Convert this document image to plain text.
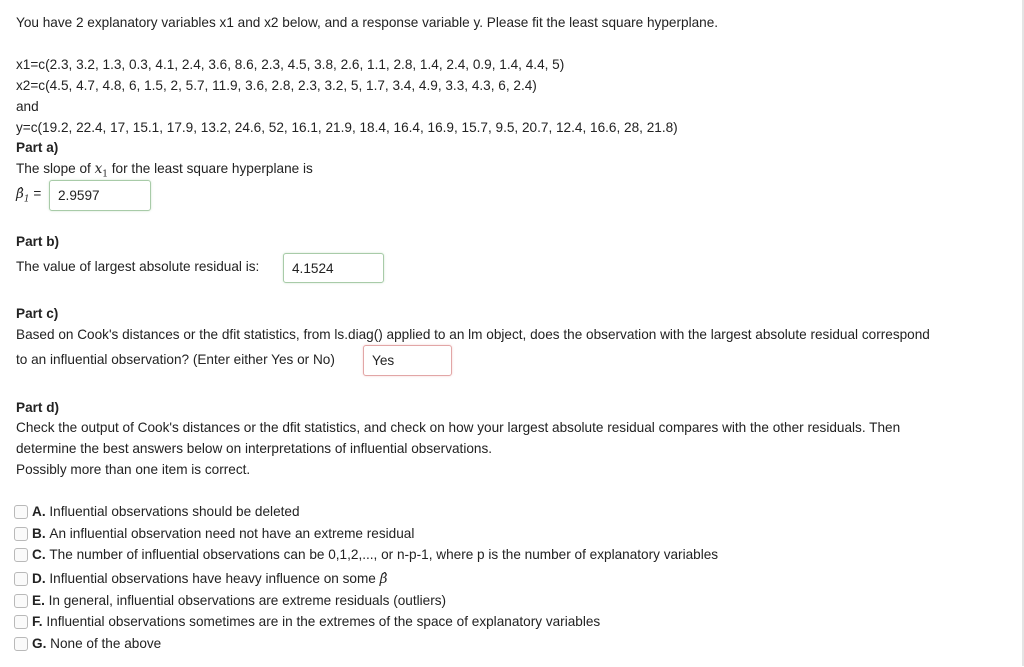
You have 2 explanatory variables x1 and x2 below, and a response variable y. Please fit the least square hyperplane.
x1=c(2.3, 3.2, 1.3, 0.3, 4.1, 2.4, 3.6, 8.6, 2.3, 4.5, 3.8, 2.6, 1.1, 2.8, 1.4, 2.4, 0.9, 1.4, 4.4, 5)
x2=c(4.5, 4.7, 4.8, 6, 1.5, 2, 5.7, 11.9, 3.6, 2.8, 2.3, 3.2, 5, 1.7, 3.4, 4.9, 3.3, 4.3, 6, 2.4)
and
y=c(19.2, 22.4, 17, 15.1, 17.9, 13.2, 24.6, 52, 16.1, 21.9, 18.4, 16.4, 16.9, 15.7, 9.5, 20.7, 12.4, 16.6, 28, 21.8)
Part a)
The slope of $x_1$ for the least square hyperplane is
$\betâ_1$ =	2.9597
Part b)
The value of largest absolute residual is:	4.1524
Part c)
Based on Cook's distances or the dfit statistics, from ls.diag() applied to an lm object, does the observation with the largest absolute residual correspond
to an influential observation? (Enter either Yes or No)	Yes
Part d)
Check the output of Cook's distances or the dfit statistics, and check on how your largest absolute residual compares with the other residuals. Then
determine the best answers below on interpretations of influential observations.
Possibly more than one item is correct.
A.
Influential observations should be deleted
B.
An influential observation need not have an extreme residual
C.
The number of influential observations can be 0,1,2,..., or n-p-1, where p is the number of explanatory variables
D.
Influential observations have heavy influence on some
β̂
E.
In general, influential observations are extreme residuals (outliers)
F.
Influential observations sometimes are in the extremes of the space of explanatory variables
G.
None of the above
